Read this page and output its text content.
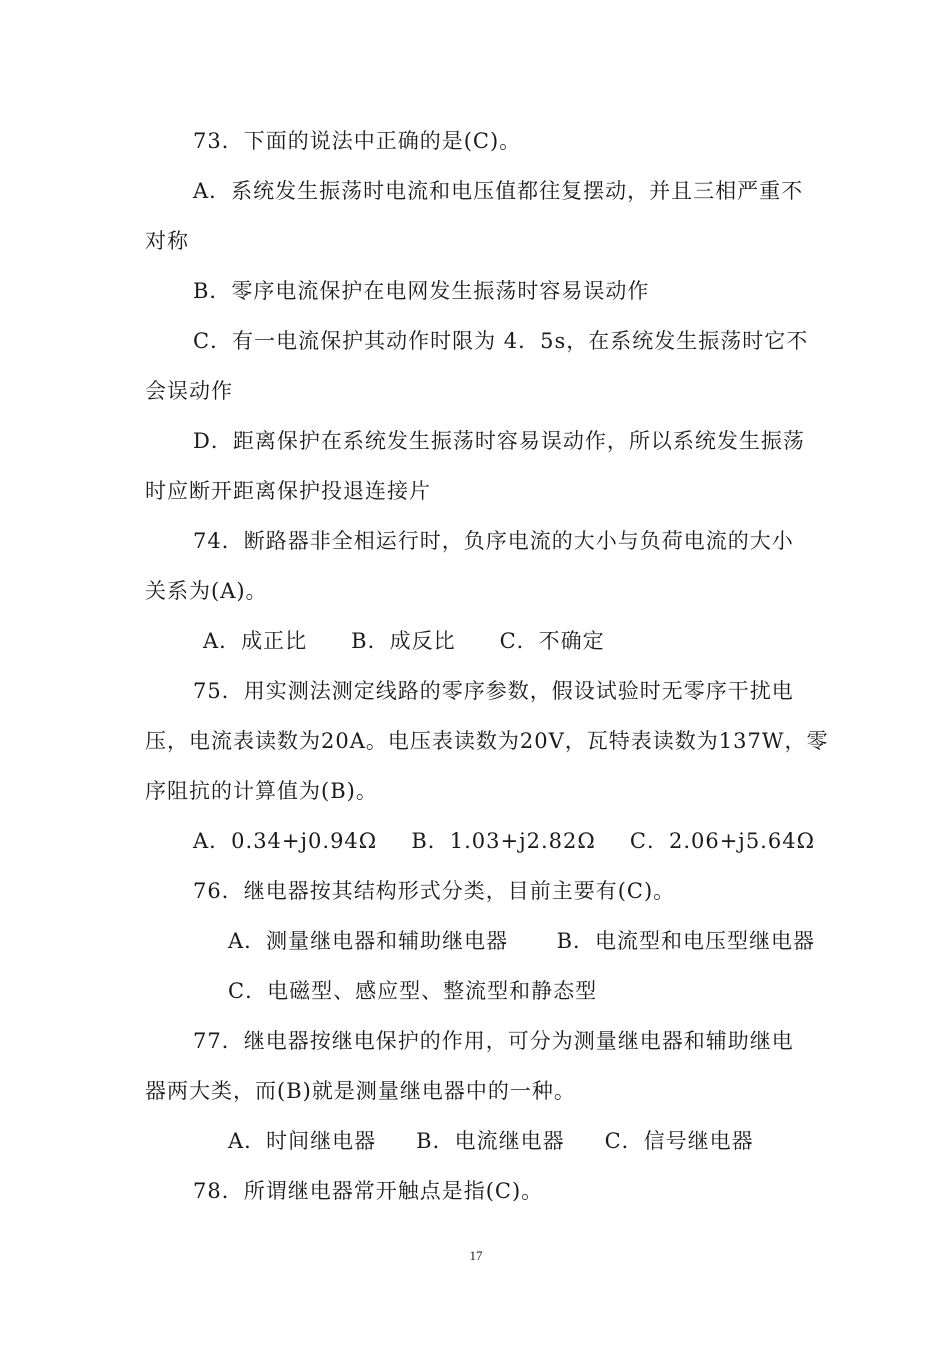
73．下面的说法中正确的是(C)。
A．系统发生振荡时电流和电压值都往复摆动，并且三相严重不
对称
B．零序电流保护在电网发生振荡时容易误动作
C．有一电流保护其动作时限为 4．5s，在系统发生振荡时它不
会误动作
D．距离保护在系统发生振荡时容易误动作，所以系统发生振荡
时应断开距离保护投退连接片
74．断路器非全相运行时，负序电流的大小与负荷电流的大小
关系为(A)。
A．成正比 B．成反比 C．不确定
75．用实测法测定线路的零序参数，假设试验时无零序干扰电
压，电流表读数为20A。电压表读数为20V，瓦特表读数为137W，零
序阻抗的计算值为(B)。
A．0.34+j0.94Ω B．1.03+j2.82Ω C．2.06+j5.64Ω
76．继电器按其结构形式分类，目前主要有(C)。
A．测量继电器和辅助继电器 B．电流型和电压型继电器
C．电磁型、感应型、整流型和静态型
77．继电器按继电保护的作用，可分为测量继电器和辅助继电
器两大类，而(B)就是测量继电器中的一种。
A．时间继电器 B．电流继电器 C．信号继电器
78．所谓继电器常开触点是指(C)。
17
